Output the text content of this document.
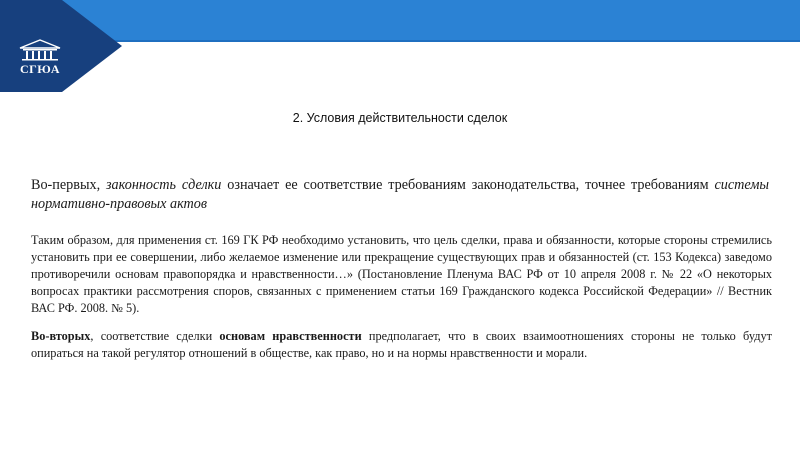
СГЮА
2. Условия действительности сделок
Во-первых, законность сделки означает ее соответствие требованиям законодательства, точнее требованиям системы нормативно-правовых актов
Таким образом, для применения ст. 169 ГК РФ необходимо установить, что цель сделки, права и обязанности, которые стороны стремились установить при ее совершении, либо желаемое изменение или прекращение существующих прав и обязанностей (ст. 153 Кодекса) заведомо противоречили основам правопорядка и нравственности…» (Постановление Пленума ВАС РФ от 10 апреля 2008 г. № 22 «О некоторых вопросах практики рассмотрения споров, связанных с применением статьи 169 Гражданского кодекса Российской Федерации» // Вестник ВАС РФ. 2008. № 5).
Во-вторых, соответствие сделки основам нравственности предполагает, что в своих взаимоотношениях стороны не только будут опираться на такой регулятор отношений в обществе, как право, но и на нормы нравственности и морали.
